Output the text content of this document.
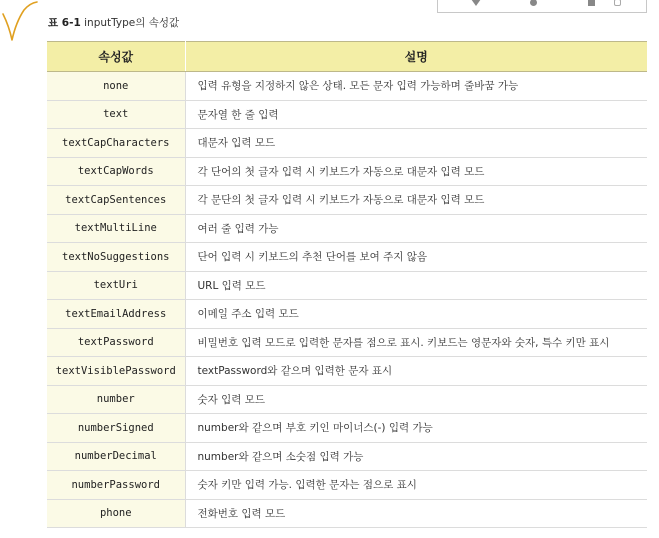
표 6-1 inputType의 속성값
속성값	설명
none	입력 유형을 지정하지 않은 상태. 모든 문자 입력 가능하며 줄바꿈 가능
text	문자열 한 줄 입력
textCapCharacters	대문자 입력 모드
textCapWords	각 단어의 첫 글자 입력 시 키보드가 자동으로 대문자 입력 모드
textCapSentences	각 문단의 첫 글자 입력 시 키보드가 자동으로 대문자 입력 모드
textMultiLine	여러 줄 입력 가능
textNoSuggestions	단어 입력 시 키보드의 추천 단어를 보여 주지 않음
textUri	URL 입력 모드
textEmailAddress	이메일 주소 입력 모드
textPassword	비밀번호 입력 모드로 입력한 문자를 점으로 표시. 키보드는 영문자와 숫자, 특수 키만 표시
textVisiblePassword	textPassword와 같으며 입력한 문자 표시
number	숫자 입력 모드
numberSigned	number와 같으며 부호 키인 마이너스(-) 입력 가능
numberDecimal	number와 같으며 소숫점 입력 가능
numberPassword	숫자 키만 입력 가능. 입력한 문자는 점으로 표시
phone	전화번호 입력 모드
